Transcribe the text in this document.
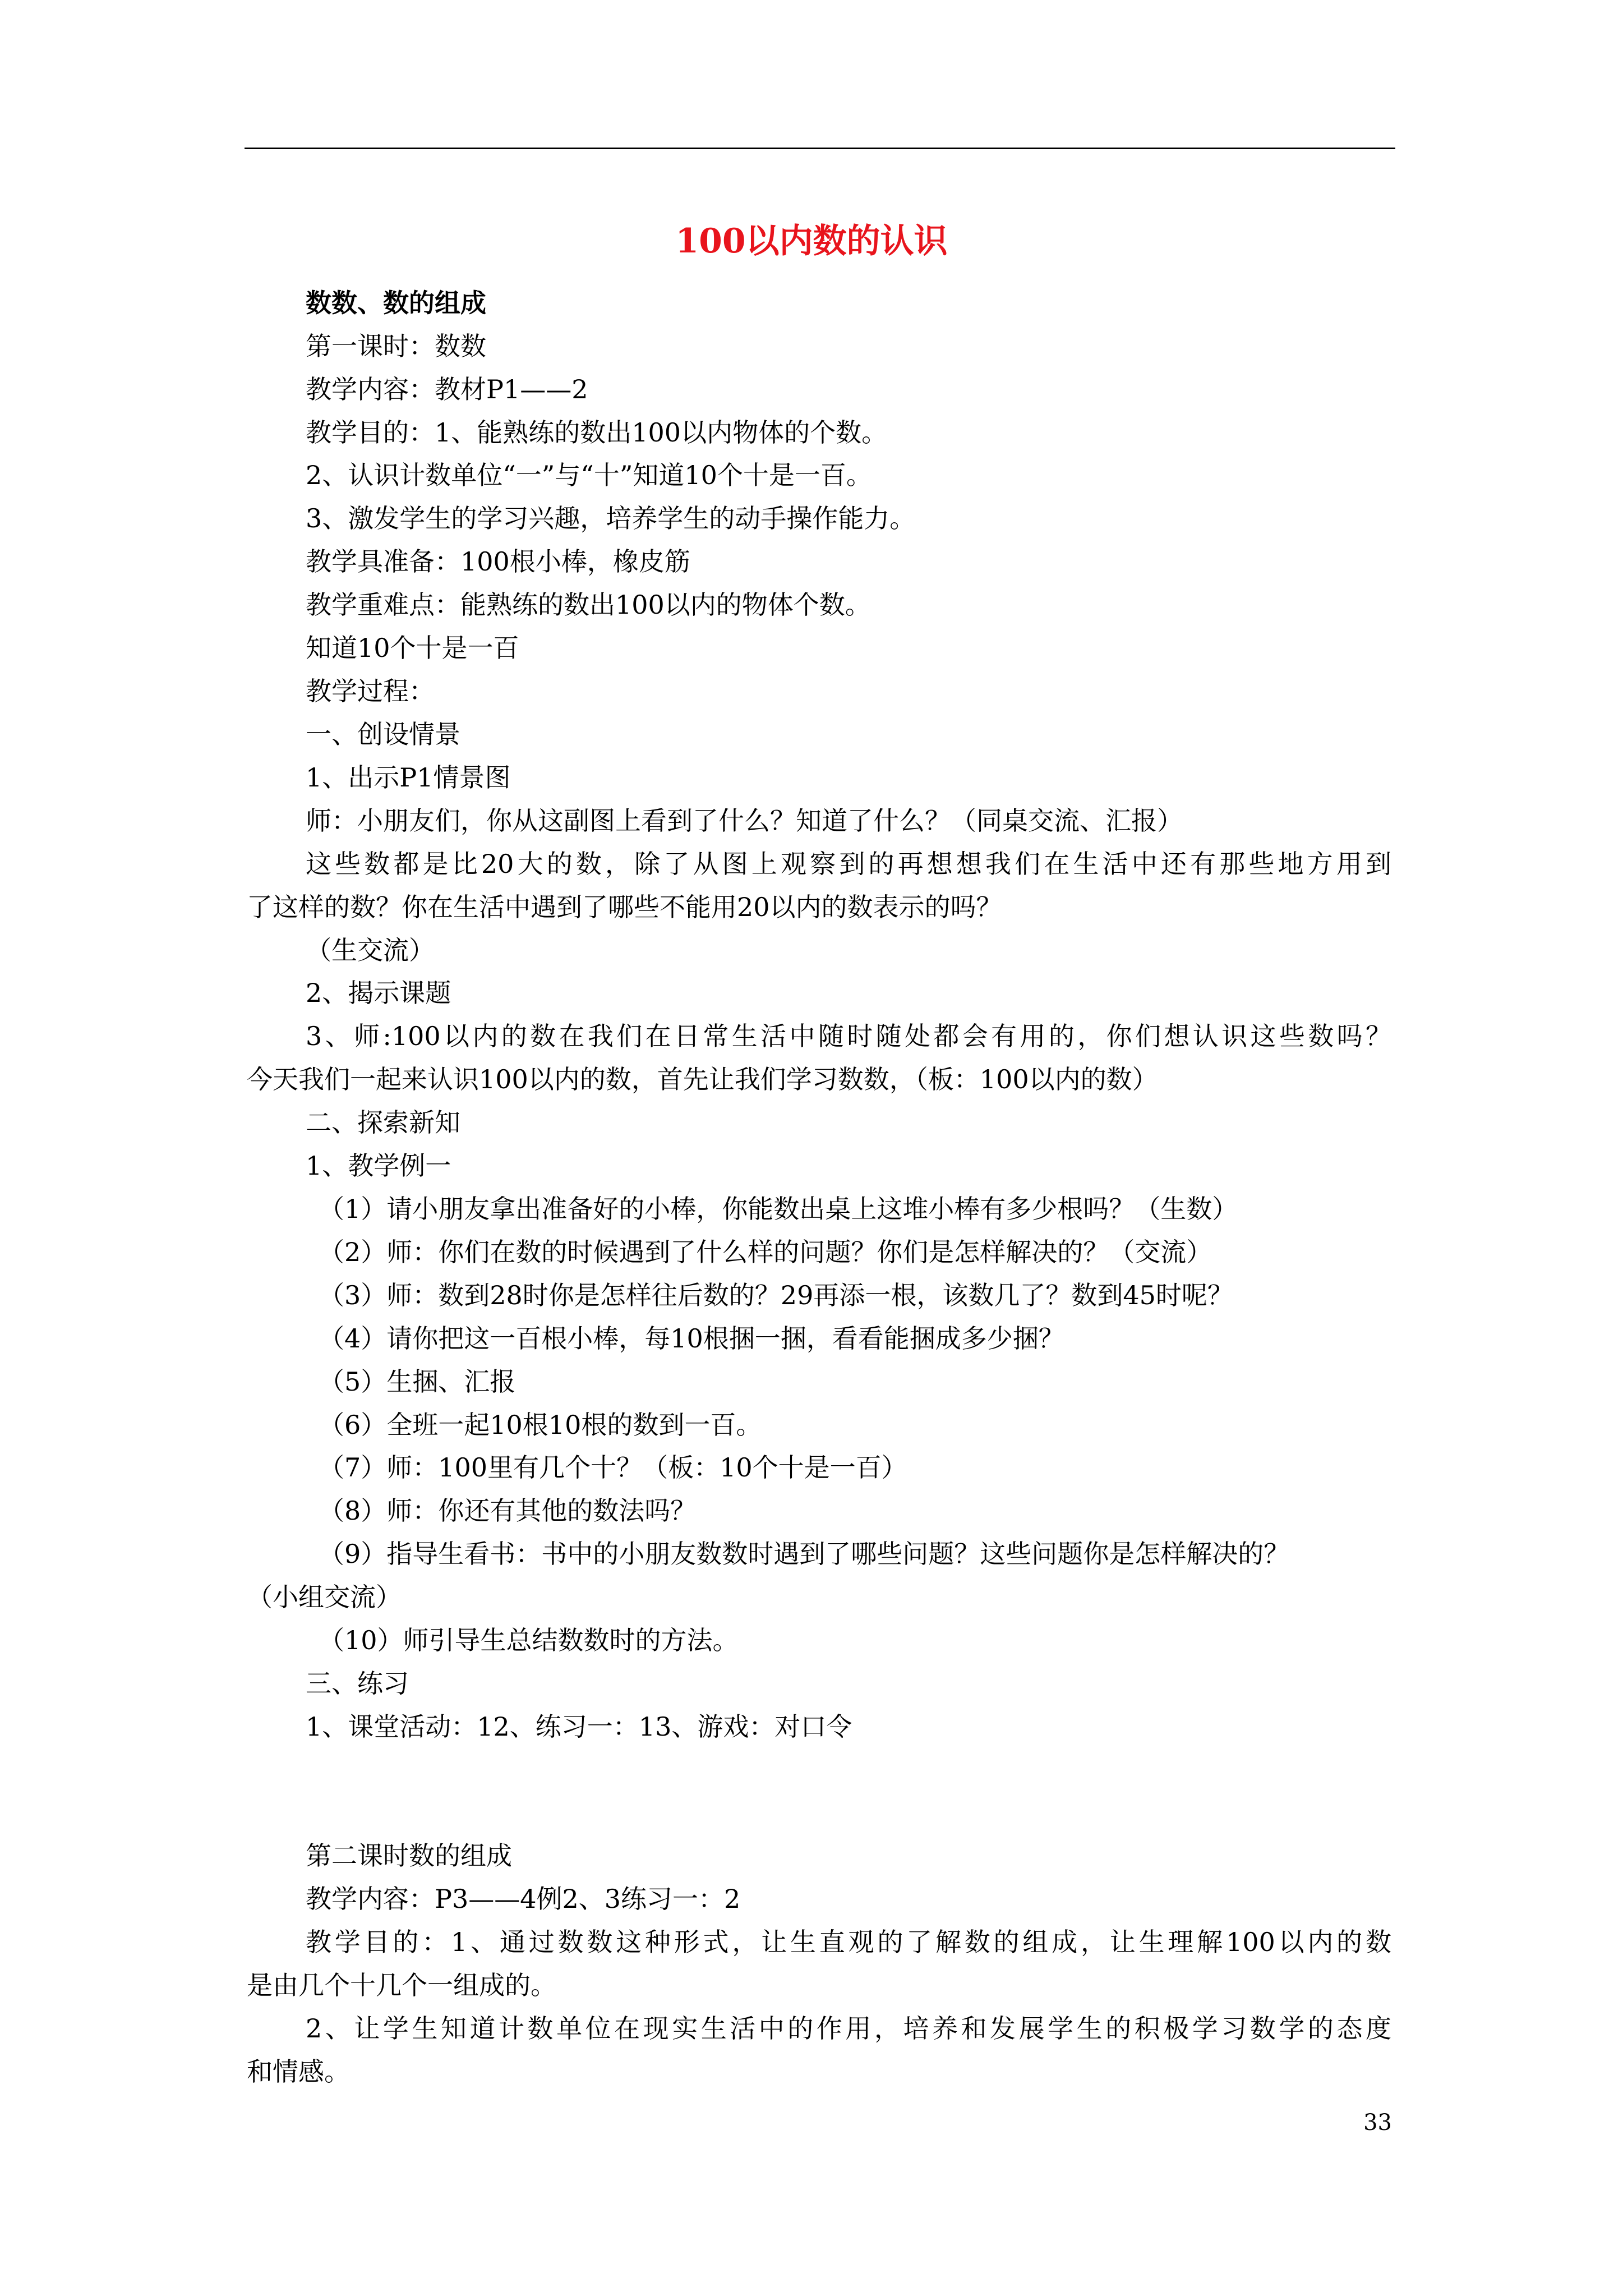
100以内数的认识

数数、数的组成

第一课时：数数

教学内容：教材P1——2

教学目的：1、能熟练的数出100以内物体的个数。

2、认识计数单位“一”与“十”知道10个十是一百。

3、激发学生的学习兴趣，培养学生的动手操作能力。

教学具准备：100根小棒，橡皮筋

教学重难点：能熟练的数出100以内的物体个数。

知道10个十是一百

教学过程：

一、创设情景

1、出示P1情景图

师：小朋友们，你从这副图上看到了什么？知道了什么？（同桌交流、汇报）

这些数都是比20大的数，除了从图上观察到的再想想我们在生活中还有那些地方用到

了这样的数？你在生活中遇到了哪些不能用20以内的数表示的吗？

（生交流）

2、揭示课题

3、师:100以内的数在我们在日常生活中随时随处都会有用的，你们想认识这些数吗？

今天我们一起来认识100以内的数，首先让我们学习数数，（板：100以内的数）

二、探索新知

1、教学例一

（1）请小朋友拿出准备好的小棒，你能数出桌上这堆小棒有多少根吗？（生数）

（2）师：你们在数的时候遇到了什么样的问题？你们是怎样解决的？（交流）

（3）师：数到28时你是怎样往后数的？29再添一根，该数几了？数到45时呢？

（4）请你把这一百根小棒，每10根捆一捆，看看能捆成多少捆？

（5）生捆、汇报

（6）全班一起10根10根的数到一百。

（7）师：100里有几个十？（板：10个十是一百）

（8）师：你还有其他的数法吗？

（9）指导生看书：书中的小朋友数数时遇到了哪些问题？这些问题你是怎样解决的？

（小组交流）

（10）师引导生总结数数时的方法。

三、练习

1、课堂活动：12、练习一：13、游戏：对口令

第二课时数的组成

教学内容：P3——4例2、3练习一：2

教学目的：1、通过数数这种形式，让生直观的了解数的组成，让生理解100以内的数

是由几个十几个一组成的。

2、让学生知道计数单位在现实生活中的作用，培养和发展学生的积极学习数学的态度

和情感。

33
